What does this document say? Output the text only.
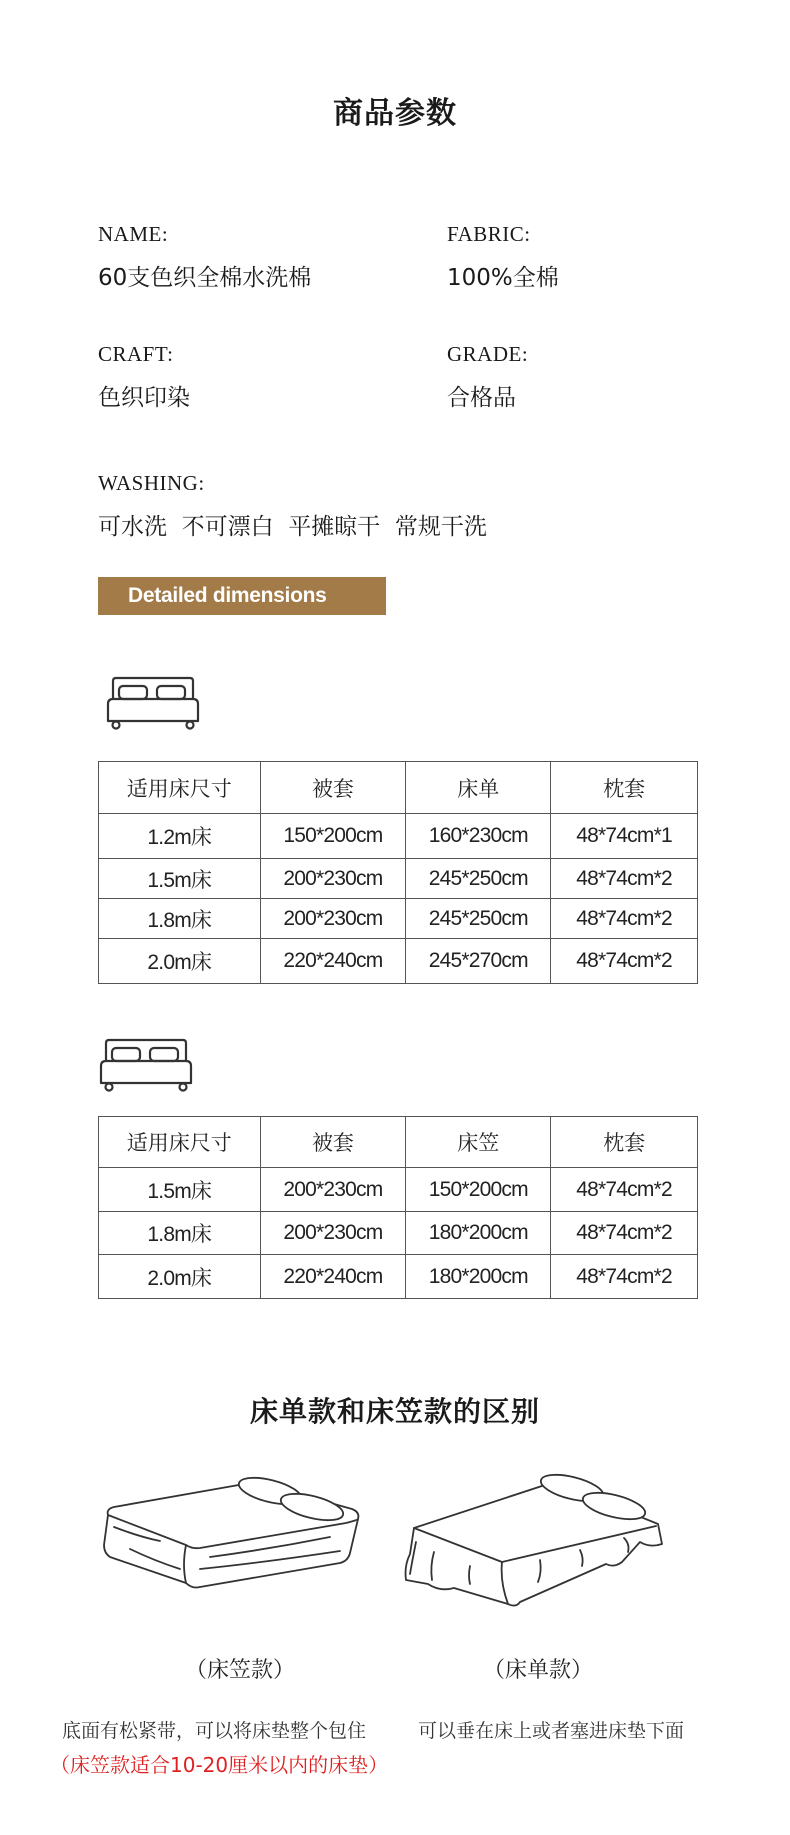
商品参数
NAME:
60支色织全棉水洗棉
FABRIC:
100%全棉
CRAFT:
色织印染
GRADE:
合格品
WASHING:
可水洗  不可漂白  平摊晾干  常规干洗
Detailed dimensions
适用床尺寸	被套	床单	枕套
1.2m床	150*200cm	160*230cm	48*74cm*1
1.5m床	200*230cm	245*250cm	48*74cm*2
1.8m床	200*230cm	245*250cm	48*74cm*2
2.0m床	220*240cm	245*270cm	48*74cm*2
适用床尺寸	被套	床笠	枕套
1.5m床	200*230cm	150*200cm	48*74cm*2
1.8m床	200*230cm	180*200cm	48*74cm*2
2.0m床	220*240cm	180*200cm	48*74cm*2
床单款和床笠款的区别
（床笠款）	（床单款）
底面有松紧带，可以将床垫整个包住	可以垂在床上或者塞进床垫下面
（床笠款适合10-20厘米以内的床垫）
